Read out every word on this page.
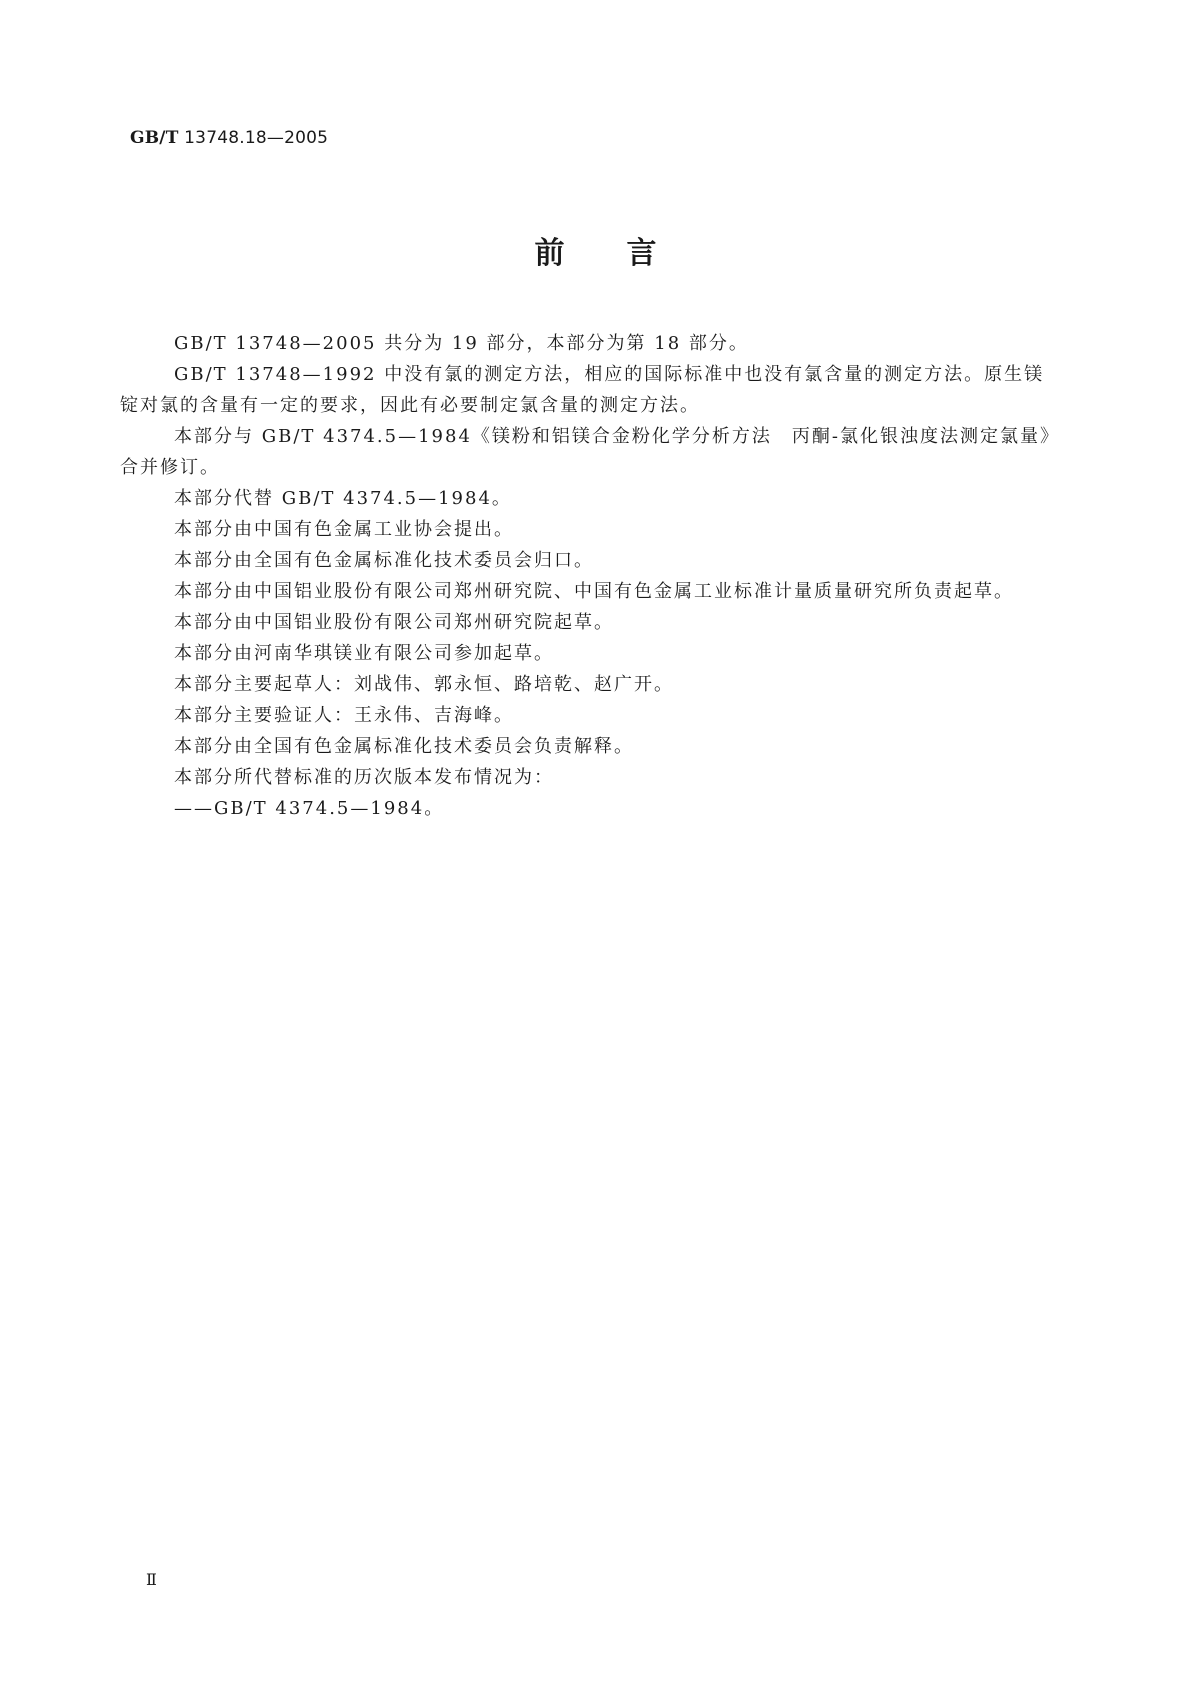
GB/T 13748.18—2005
前言

GB/T 13748—2005 共分为 19 部分，本部分为第 18 部分。

GB/T 13748—1992 中没有氯的测定方法，相应的国际标准中也没有氯含量的测定方法。原生镁锭对氯的含量有一定的要求，因此有必要制定氯含量的测定方法。

本部分与 GB/T 4374.5—1984《镁粉和铝镁合金粉化学分析方法　丙酮-氯化银浊度法测定氯量》合并修订。

本部分代替 GB/T 4374.5—1984。

本部分由中国有色金属工业协会提出。

本部分由全国有色金属标准化技术委员会归口。

本部分由中国铝业股份有限公司郑州研究院、中国有色金属工业标准计量质量研究所负责起草。

本部分由中国铝业股份有限公司郑州研究院起草。

本部分由河南华琪镁业有限公司参加起草。

本部分主要起草人：刘战伟、郭永恒、路培乾、赵广开。

本部分主要验证人：王永伟、吉海峰。

本部分由全国有色金属标准化技术委员会负责解释。

本部分所代替标准的历次版本发布情况为：

——GB/T 4374.5—1984。

Ⅱ
